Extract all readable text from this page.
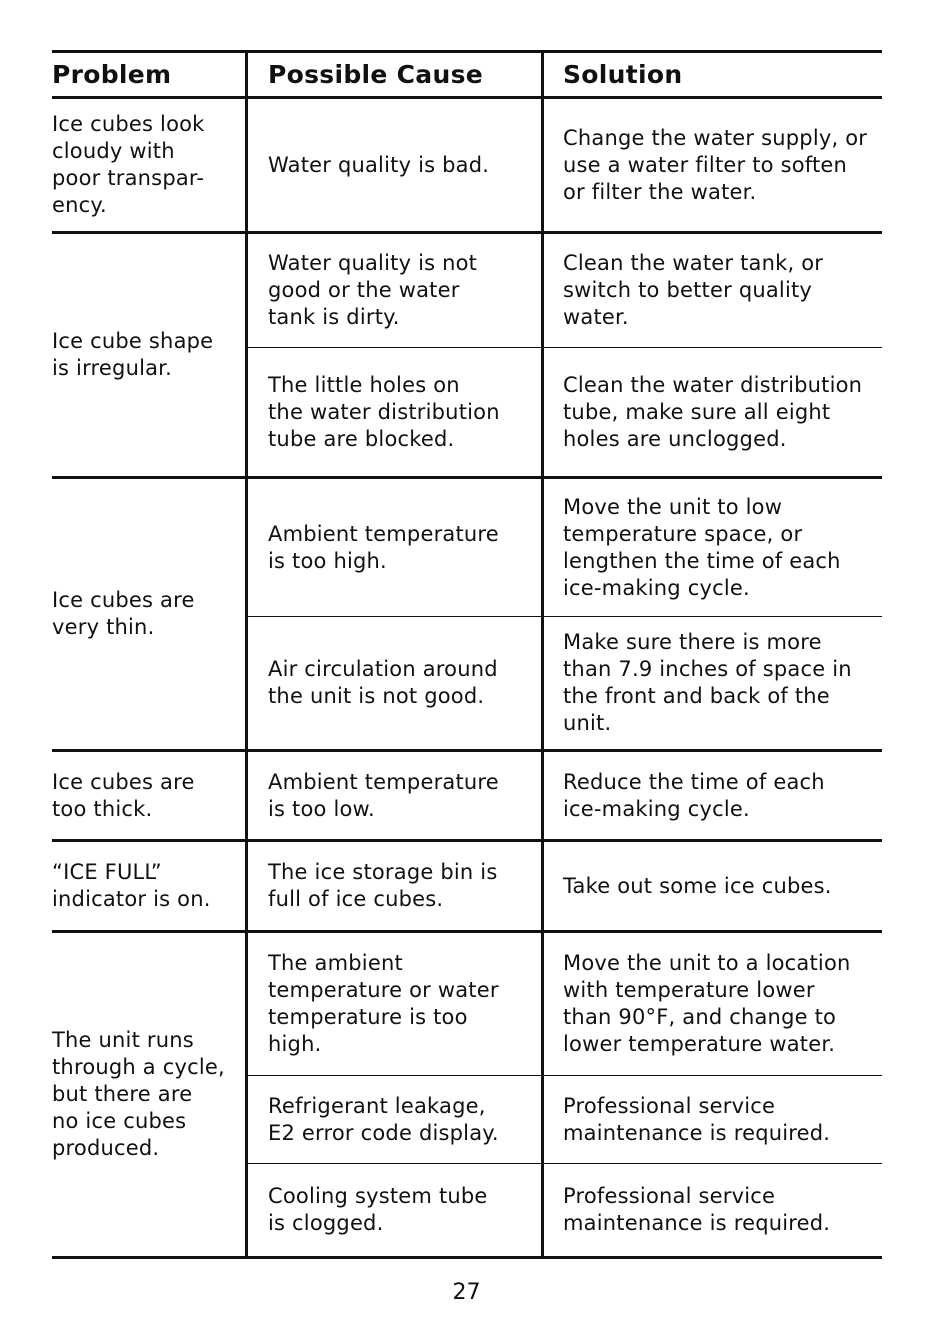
Problem	Possible Cause	Solution
Ice cubes look
cloudy with
poor transpar-
ency.
Ice cube shape
is irregular.
Ice cubes are
very thin.
Ice cubes are
too thick.
“ICE FULL”
indicator is on.
The unit runs
through a cycle,
but there are
no ice cubes
produced.
Water quality is bad.
Water quality is not
good or the water
tank is dirty.
The little holes on
the water distribution
tube are blocked.
Ambient temperature
is too high.
Air circulation around
the unit is not good.
Ambient temperature
is too low.
The ice storage bin is
full of ice cubes.
The ambient
temperature or water
temperature is too
high.
Refrigerant leakage,
E2 error code display.
Cooling system tube
is clogged.
Change the water supply, or
use a water filter to soften
or filter the water.
Clean the water tank, or
switch to better quality
water.
Clean the water distribution
tube, make sure all eight
holes are unclogged.
Move the unit to low
temperature space, or
lengthen the time of each
ice-making cycle.
Make sure there is more
than 7.9 inches of space in
the front and back of the
unit.
Reduce the time of each
ice-making cycle.
Take out some ice cubes.
Move the unit to a location
with temperature lower
than 90°F, and change to
lower temperature water.
Professional service
maintenance is required.
Professional service
maintenance is required.
27
